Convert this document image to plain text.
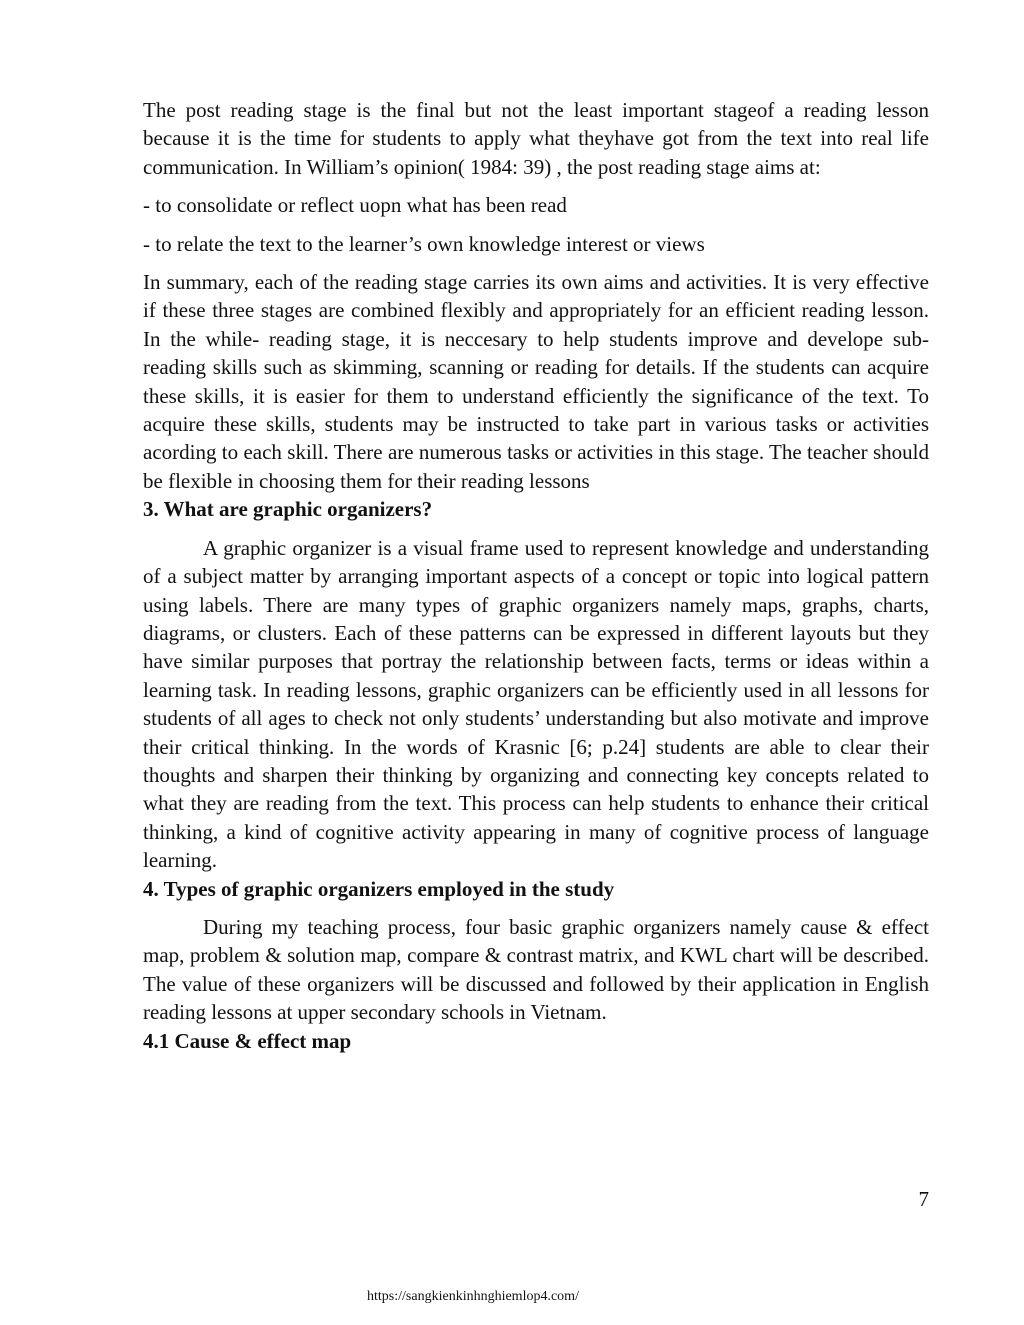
The post reading stage is the final but not the least important stageof a reading lesson because it is the time for students to apply what theyhave got from the text into real life communication. In William’s opinion( 1984: 39) , the post reading stage aims at:

- to consolidate or reflect uopn what has been read

- to relate the text to the learner’s own knowledge interest or views

In summary, each of the reading stage carries its own aims and activities. It is very effective if these three stages are combined flexibly and appropriately for an efficient reading lesson. In the while- reading stage, it is neccesary to help students improve and develope sub- reading skills such as skimming, scanning or reading for details. If the students can acquire these skills, it is easier for them to understand efficiently the significance of the text. To acquire these skills, students may be instructed to take part in various tasks or activities acording to each skill. There are numerous tasks or activities in this stage. The teacher should be flexible in choosing them for their reading lessons

3. What are graphic organizers?

A graphic organizer is a visual frame used to represent knowledge and understanding of a subject matter by arranging important aspects of a concept or topic into logical pattern using labels. There are many types of graphic organizers namely maps, graphs, charts, diagrams, or clusters. Each of these patterns can be expressed in different layouts but they have similar purposes that portray the relationship between facts, terms or ideas within a learning task. In reading lessons, graphic organizers can be efficiently used in all lessons for students of all ages to check not only students’ understanding but also motivate and improve their critical thinking. In the words of Krasnic [6; p.24] students are able to clear their thoughts and sharpen their thinking by organizing and connecting key concepts related to what they are reading from the text. This process can help students to enhance their critical thinking, a kind of cognitive activity appearing in many of cognitive process of language learning.

4. Types of graphic organizers employed in the study

During my teaching process, four basic graphic organizers namely cause & effect map, problem & solution map, compare & contrast matrix, and KWL chart will be described. The value of these organizers will be discussed and followed by their application in English reading lessons at upper secondary schools in Vietnam.

4.1 Cause & effect map

7
https://sangkienkinhnghiemlop4.com/
